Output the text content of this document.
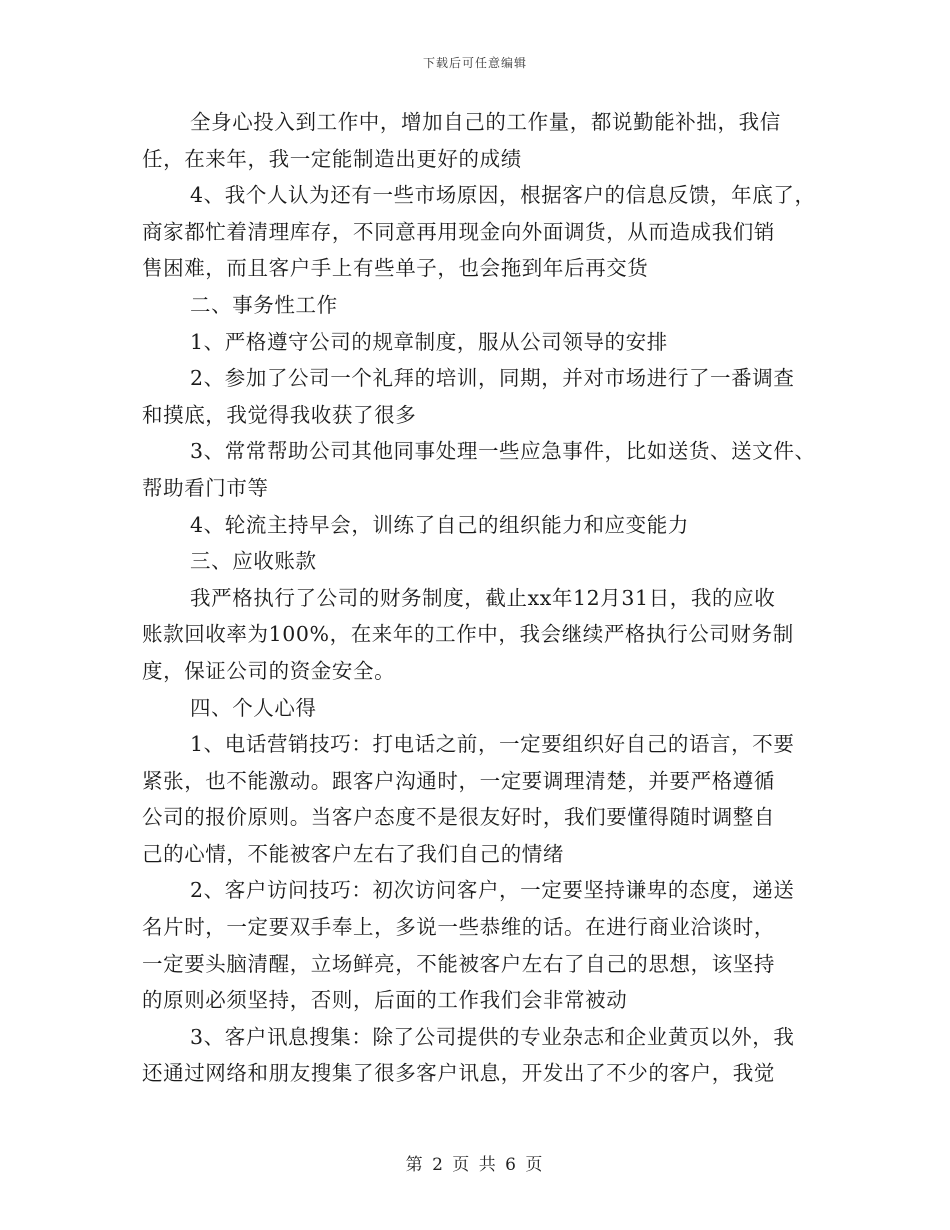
下载后可任意编辑
全身心投入到工作中，增加自己的工作量，都说勤能补拙，我信
任，在来年，我一定能制造出更好的成绩
4、我个人认为还有一些市场原因，根据客户的信息反馈，年底了，
商家都忙着清理库存，不同意再用现金向外面调货，从而造成我们销
售困难，而且客户手上有些单子，也会拖到年后再交货
二、事务性工作
1、严格遵守公司的规章制度，服从公司领导的安排
2、参加了公司一个礼拜的培训，同期，并对市场进行了一番调查
和摸底，我觉得我收获了很多
3、常常帮助公司其他同事处理一些应急事件，比如送货、送文件、
帮助看门市等
4、轮流主持早会，训练了自己的组织能力和应变能力
三、应收账款
我严格执行了公司的财务制度，截止xx年12月31日，我的应收
账款回收率为100%，在来年的工作中，我会继续严格执行公司财务制
度，保证公司的资金安全。
四、个人心得
1、电话营销技巧：打电话之前，一定要组织好自己的语言，不要
紧张，也不能激动。跟客户沟通时，一定要调理清楚，并要严格遵循
公司的报价原则。当客户态度不是很友好时，我们要懂得随时调整自
己的心情，不能被客户左右了我们自己的情绪
2、客户访问技巧：初次访问客户，一定要坚持谦卑的态度，递送
名片时，一定要双手奉上，多说一些恭维的话。在进行商业洽谈时，
一定要头脑清醒，立场鲜亮，不能被客户左右了自己的思想，该坚持
的原则必须坚持，否则，后面的工作我们会非常被动
3、客户讯息搜集：除了公司提供的专业杂志和企业黄页以外，我
还通过网络和朋友搜集了很多客户讯息，开发出了不少的客户，我觉
第 2 页 共 6 页
